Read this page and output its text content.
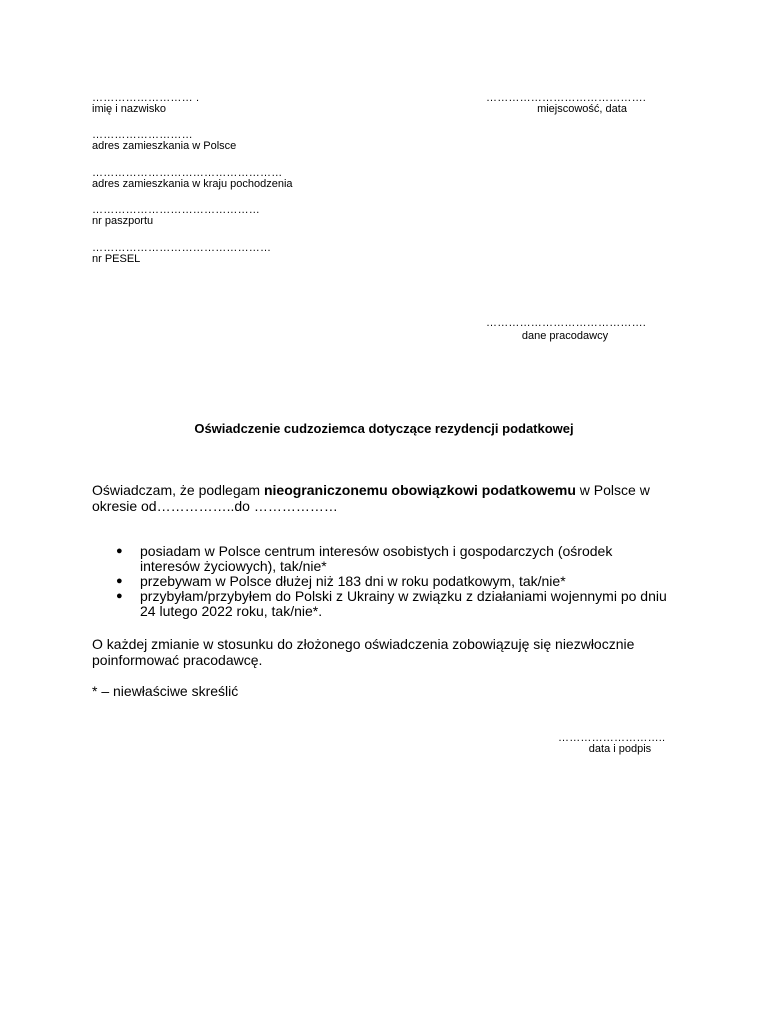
……………………… .
imię i nazwisko
………………………
adres zamieszkania w Polsce
……………………………………………
adres zamieszkania w kraju pochodzenia
………………………………………
nr paszportu
…………………………………………
nr PESEL
…………………………………….
miejscowość, data
…………………………………….
dane pracodawcy
Oświadczenie cudzoziemca dotyczące rezydencji podatkowej
Oświadczam, że podlegam nieograniczonemu obowiązkowi podatkowemu w Polsce w okresie od……………..do ………………
● posiadam w Polsce centrum interesów osobistych i gospodarczych (ośrodek interesów życiowych), tak/nie*
● przebywam w Polsce dłużej niż 183 dni w roku podatkowym, tak/nie*
● przybyłam/przybyłem do Polski z Ukrainy w związku z działaniami wojennymi po dniu 24 lutego 2022 roku, tak/nie*.
O każdej zmianie w stosunku do złożonego oświadczenia zobowiązuję się niezwłocznie poinformować pracodawcę.
* – niewłaściwe skreślić
………………………..
data i podpis
